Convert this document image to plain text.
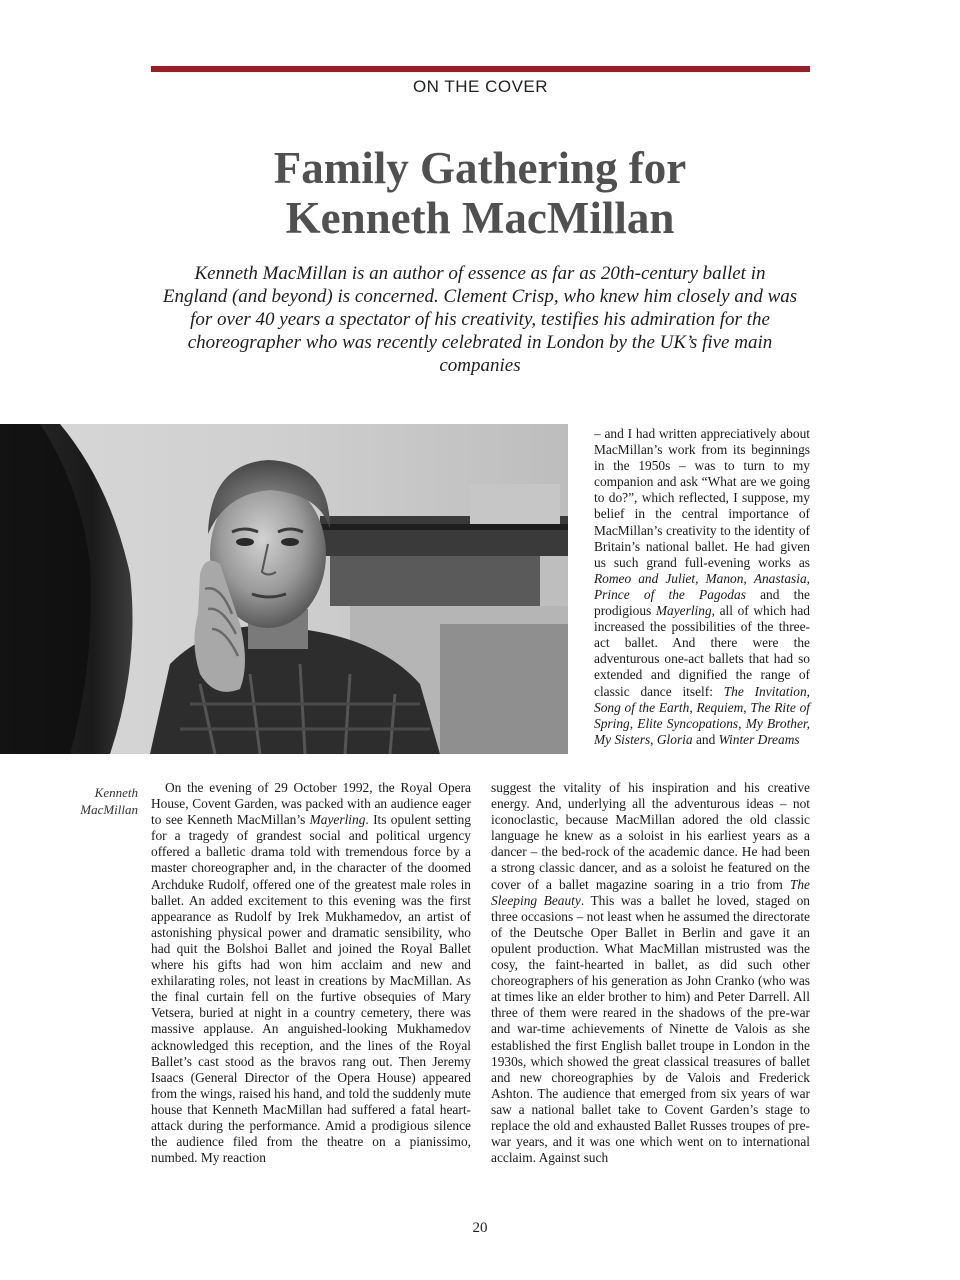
ON THE COVER
Family Gathering for
Kenneth MacMillan
Kenneth MacMillan is an author of essence as far as 20th-century ballet in England (and beyond) is concerned. Clement Crisp, who knew him closely and was for over 40 years a spectator of his creativity, testifies his admiration for the choreographer who was recently celebrated in London by the UK’s five main companies
Kenneth MacMillan

– and I had written appreciatively about MacMillan’s work from its beginnings in the 1950s – was to turn to my companion and ask “What are we going to do?”, which reflected, I suppose, my belief in the central importance of MacMillan’s creativity to the identity of Britain’s national ballet. He had given us such grand full-evening works as Romeo and Juliet, Manon, Anastasia, Prince of the Pagodas and the prodigious Mayerling, all of which had increased the possibilities of the three-act ballet. And there were the adventurous one-act ballets that had so extended and dignified the range of classic dance itself: The Invitation, Song of the Earth, Requiem, The Rite of Spring, Elite Syncopations, My Brother, My Sisters, Gloria and Winter Dreams

On the evening of 29 October 1992, the Royal Opera House, Covent Garden, was packed with an audience eager to see Kenneth MacMillan’s Mayerling. Its opulent setting for a tragedy of grandest social and political urgency offered a balletic drama told with tremendous force by a master choreographer and, in the character of the doomed Archduke Rudolf, offered one of the greatest male roles in ballet. An added excitement to this evening was the first appearance as Rudolf by Irek Mukhamedov, an artist of astonishing physical power and dramatic sensibility, who had quit the Bolshoi Ballet and joined the Royal Ballet where his gifts had won him acclaim and new and exhilarating roles, not least in creations by MacMillan. As the final curtain fell on the furtive obsequies of Mary Vetsera, buried at night in a country cemetery, there was massive applause. An anguished-looking Mukhamedov acknowledged this reception, and the lines of the Royal Ballet’s cast stood as the bravos rang out. Then Jeremy Isaacs (General Director of the Opera House) appeared from the wings, raised his hand, and told the suddenly mute house that Kenneth MacMillan had suffered a fatal heart-attack during the performance. Amid a prodigious silence the audience filed from the theatre on a pianissimo, numbed. My reaction

suggest the vitality of his inspiration and his creative energy. And, underlying all the adventurous ideas – not iconoclastic, because MacMillan adored the old classic language he knew as a soloist in his earliest years as a dancer – the bed-rock of the academic dance. He had been a strong classic dancer, and as a soloist he featured on the cover of a ballet magazine soaring in a trio from The Sleeping Beauty. This was a ballet he loved, staged on three occasions – not least when he assumed the directorate of the Deutsche Oper Ballet in Berlin and gave it an opulent production. What MacMillan mistrusted was the cosy, the faint-hearted in ballet, as did such other choreographers of his generation as John Cranko (who was at times like an elder brother to him) and Peter Darrell. All three of them were reared in the shadows of the pre-war and war-time achievements of Ninette de Valois as she established the first English ballet troupe in London in the 1930s, which showed the great classical treasures of ballet and new choreographies by de Valois and Frederick Ashton. The audience that emerged from six years of war saw a national ballet take to Covent Garden’s stage to replace the old and exhausted Ballet Russes troupes of pre-war years, and it was one which went on to international acclaim. Against such

20
